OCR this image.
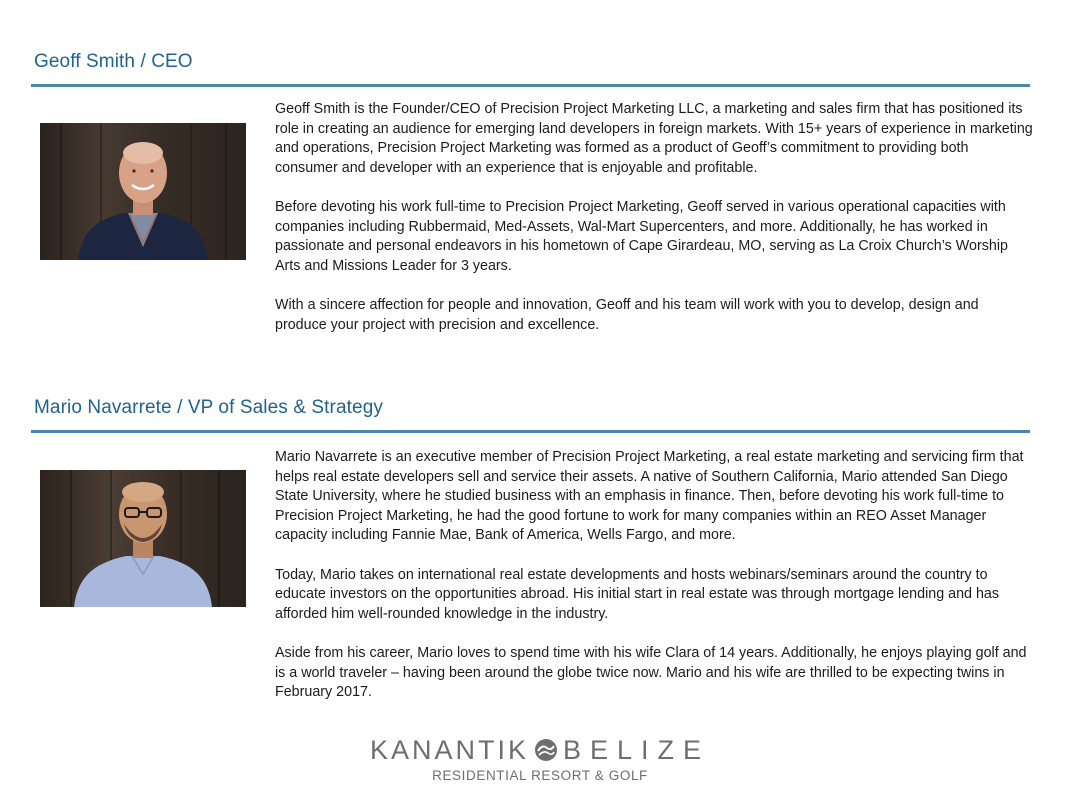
Geoff Smith / CEO

Geoff Smith is the Founder/CEO of Precision Project Marketing LLC, a marketing and sales firm that has positioned its role in creating an audience for emerging land developers in foreign markets. With 15+ years of experience in marketing and operations, Precision Project Marketing was formed as a product of Geoff’s commitment to providing both consumer and developer with an experience that is enjoyable and profitable.

Before devoting his work full-time to Precision Project Marketing, Geoff served in various operational capacities with companies including Rubbermaid, Med-Assets, Wal-Mart Supercenters, and more. Additionally, he has worked in passionate and personal endeavors in his hometown of Cape Girardeau, MO, serving as La Croix Church’s Worship Arts and Missions Leader for 3 years.

With a sincere affection for people and innovation, Geoff and his team will work with you to develop, design and produce your project with precision and excellence.

Mario Navarrete / VP of Sales & Strategy

Mario Navarrete is an executive member of Precision Project Marketing, a real estate marketing and servicing firm that helps real estate developers sell and service their assets. A native of Southern California, Mario attended San Diego State University, where he studied business with an emphasis in finance. Then, before devoting his work full-time to Precision Project Marketing, he had the good fortune to work for many companies within an REO Asset Manager capacity including Fannie Mae, Bank of America, Wells Fargo, and more.

Today, Mario takes on international real estate developments and hosts webinars/seminars around the country to educate investors on the opportunities abroad. His initial start in real estate was through mortgage lending and has afforded him well-rounded knowledge in the industry.

Aside from his career, Mario loves to spend time with his wife Clara of 14 years. Additionally, he enjoys playing golf and is a world traveler – having been around the globe twice now. Mario and his wife are thrilled to be expecting twins in February 2017.

KANANTIK BELIZE
RESIDENTIAL RESORT & GOLF
